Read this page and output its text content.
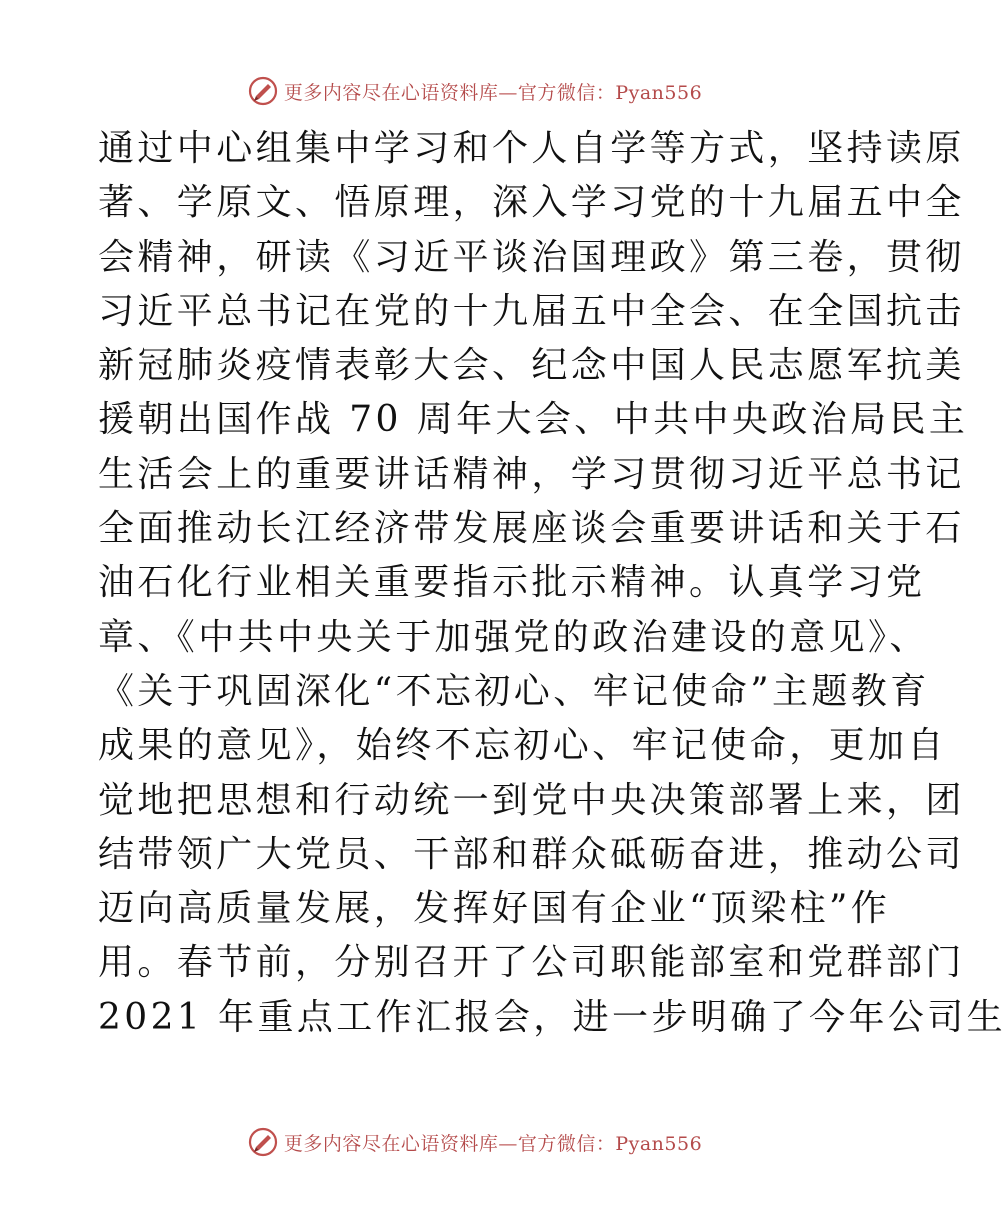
更多内容尽在心语资料库—官方微信：Pyan556
通过中心组集中学习和个人自学等方式，坚持读原
著、学原文、悟原理，深入学习党的十九届五中全
会精神，研读《习近平谈治国理政》第三卷，贯彻
习近平总书记在党的十九届五中全会、在全国抗击
新冠肺炎疫情表彰大会、纪念中国人民志愿军抗美
援朝出国作战 70 周年大会、中共中央政治局民主
生活会上的重要讲话精神，学习贯彻习近平总书记
全面推动长江经济带发展座谈会重要讲话和关于石
油石化行业相关重要指示批示精神。认真学习党
章、《中共中央关于加强党的政治建设的意见》、
《关于巩固深化“不忘初心、牢记使命”主题教育
成果的意见》，始终不忘初心、牢记使命，更加自
觉地把思想和行动统一到党中央决策部署上来，团
结带领广大党员、干部和群众砥砺奋进，推动公司
迈向高质量发展，发挥好国有企业“顶梁柱”作
用。春节前，分别召开了公司职能部室和党群部门
2021 年重点工作汇报会，进一步明确了今年公司生
更多内容尽在心语资料库—官方微信：Pyan556
